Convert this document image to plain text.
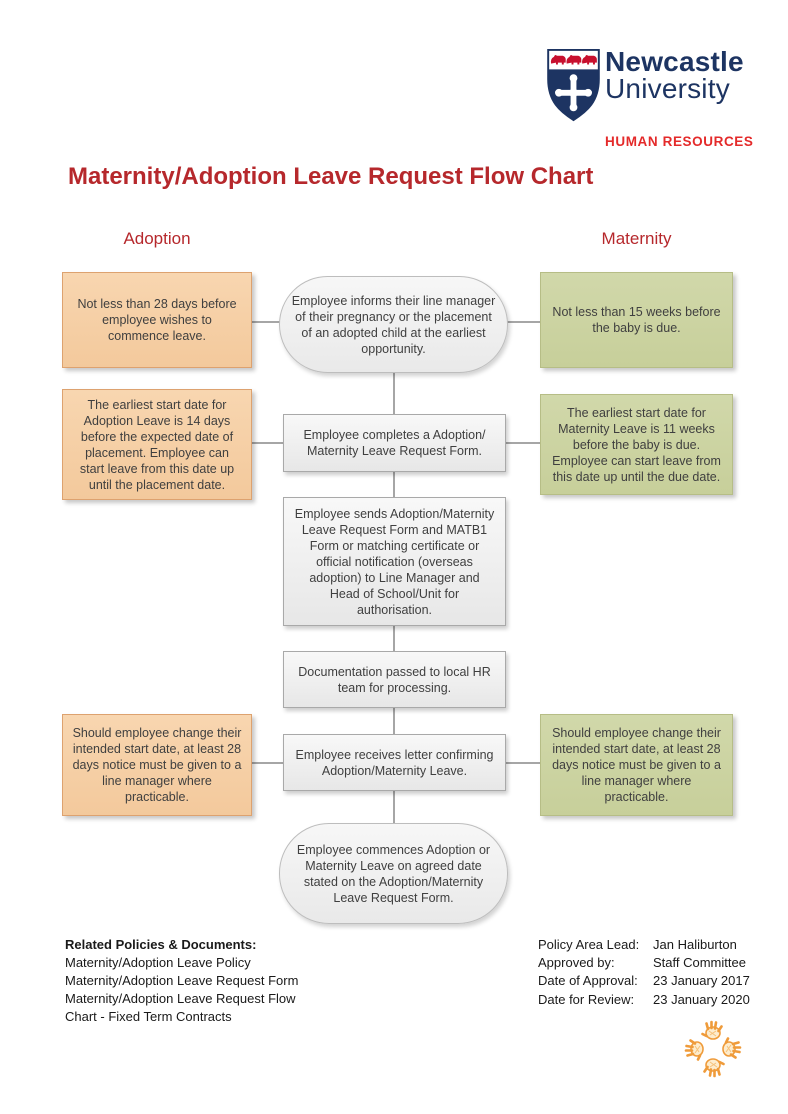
Newcastle
University
HUMAN RESOURCES
Maternity/Adoption Leave Request Flow Chart
Adoption	Maternity
Not less than 28 days before employee wishes to commence leave.
The earliest start date for Adoption Leave is 14 days before the expected date of placement. Employee can start leave from this date up until the placement date.
Should employee change their intended start date, at least 28 days notice must be given to a line manager where practicable.
Not less than 15 weeks before the baby is due.
The earliest start date for Maternity Leave is 11 weeks before the baby is due. Employee can start leave from this date up until the due date.
Should employee change their intended start date, at least 28 days notice must be given to a line manager where practicable.
Employee informs their line manager of their pregnancy or the placement of an adopted child at the earliest opportunity.
Employee completes a Adoption/ Maternity Leave Request Form.
Employee sends Adoption/Maternity Leave Request Form and MATB1 Form or matching certificate or official notification (overseas adoption) to Line Manager and Head of School/Unit for authorisation.
Documentation passed to local HR team for processing.
Employee receives letter confirming Adoption/Maternity Leave.
Employee commences Adoption or Maternity Leave on agreed date stated on the Adoption/Maternity Leave Request Form.
Related Policies & Documents:
Maternity/Adoption Leave Policy
Maternity/Adoption Leave Request Form
Maternity/Adoption Leave Request Flow Chart - Fixed Term Contracts
Policy Area Lead:	Jan Haliburton
Approved by:	Staff Committee
Date of Approval:	23 January 2017
Date for Review:	23 January 2020
